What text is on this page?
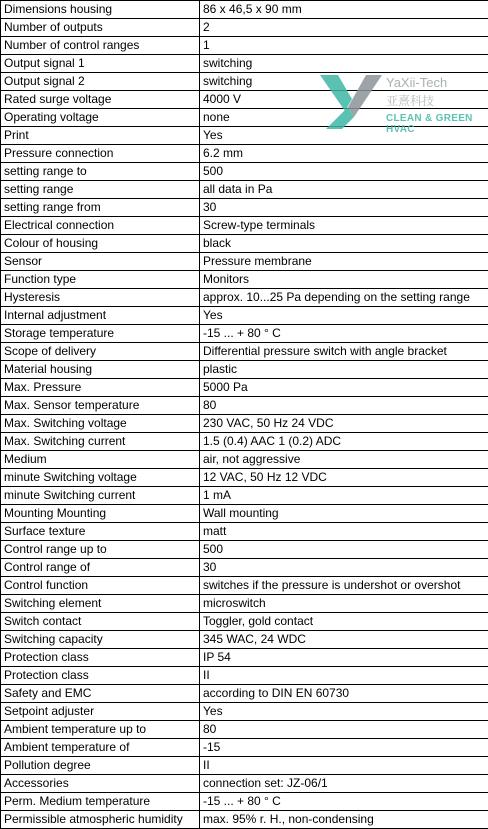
Dimensions housing	86 x 46,5 x 90 mm
Number of outputs	2
Number of control ranges	1
Output signal 1	switching
Output signal 2	switching
Rated surge voltage	4000 V
Operating voltage	none
Print	Yes
Pressure connection	6.2 mm
setting range to	500
setting range	all data in Pa
setting range from	30
Electrical connection	Screw-type terminals
Colour of housing	black
Sensor	Pressure membrane
Function type	Monitors
Hysteresis	approx. 10...25 Pa depending on the setting range
Internal adjustment	Yes
Storage temperature	-15 ... + 80 ° C
Scope of delivery	Differential pressure switch with angle bracket
Material housing	plastic
Max. Pressure	5000 Pa
Max. Sensor temperature	80
Max. Switching voltage	230 VAC, 50 Hz 24 VDC
Max. Switching current	1.5 (0.4) AAC 1 (0.2) ADC
Medium	air, not aggressive
minute Switching voltage	12 VAC, 50 Hz 12 VDC
minute Switching current	1 mA
Mounting Mounting	Wall mounting
Surface texture	matt
Control range up to	500
Control range of	30
Control function	switches if the pressure is undershot or overshot
Switching element	microswitch
Switch contact	Toggler, gold contact
Switching capacity	345 WAC, 24 WDC
Protection class	IP 54
Protection class	II
Safety and EMC	according to DIN EN 60730
Setpoint adjuster	Yes
Ambient temperature up to	80
Ambient temperature of	-15
Pollution degree	II
Accessories	connection set: JZ-06/1
Perm. Medium temperature	-15 ... + 80 ° C
Permissible atmospheric humidity	max. 95% r. H., non-condensing
YaXii-Tech
亚熹科技
CLEAN & GREEN HVAC
